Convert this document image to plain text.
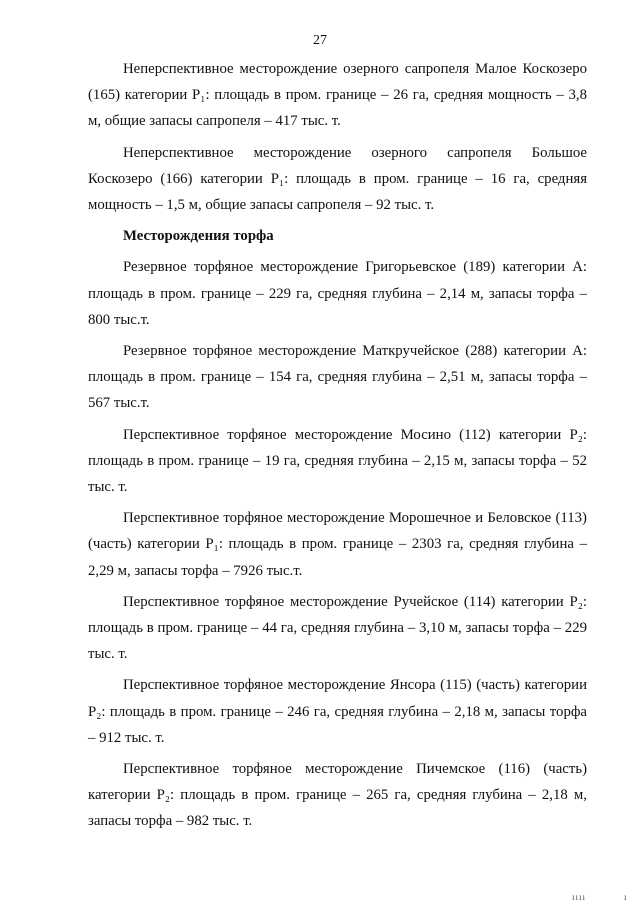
27

Неперспективное месторождение озерного сапропеля Малое Коскозеро (165) категории Р₁: площадь в пром. границе – 26 га, средняя мощность – 3,8 м, общие запасы сапропеля – 417 тыс. т.

Неперспективное месторождение озерного сапропеля Большое Коскозеро (166) категории Р₁: площадь в пром. границе – 16 га, средняя мощность – 1,5 м, общие запасы сапропеля – 92 тыс. т.

Месторождения торфа

Резервное торфяное месторождение Григорьевское (189) категории А: площадь в пром. границе – 229 га, средняя глубина – 2,14 м, запасы торфа – 800 тыс.т.

Резервное торфяное месторождение Маткручейское (288) категории А: площадь в пром. границе – 154 га, средняя глубина – 2,51 м, запасы торфа – 567 тыс.т.

Перспективное торфяное месторождение Мосино (112) категории Р₂: площадь в пром. границе – 19 га, средняя глубина – 2,15 м, запасы торфа – 52 тыс. т.

Перспективное торфяное месторождение Морошечное и Беловское (113) (часть) категории Р₁: площадь в пром. границе – 2303 га, средняя глубина – 2,29 м, запасы торфа – 7926 тыс.т.

Перспективное торфяное месторождение Ручейское (114) категории Р₂: площадь в пром. границе – 44 га, средняя глубина – 3,10 м, запасы торфа – 229 тыс. т.

Перспективное торфяное месторождение Янсора (115) (часть) категории Р₂: площадь в пром. границе – 246 га, средняя глубина – 2,18 м, запасы торфа – 912 тыс. т.

Перспективное торфяное месторождение Пичемское (116) (часть) категории Р₂: площадь в пром. границе – 265 га, средняя глубина – 2,18 м, запасы торфа – 982 тыс. т.

ıııı	ı
